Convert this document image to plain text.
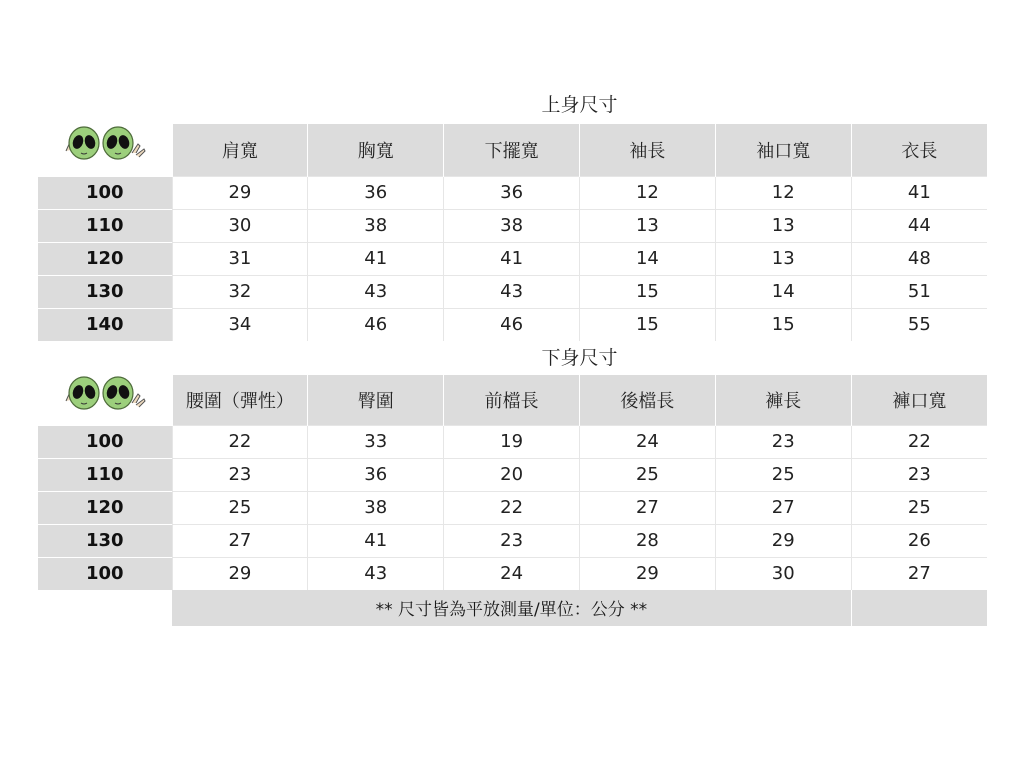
上身尺寸
	肩寬	胸寬	下擺寬	袖長	袖口寬	衣長
100	29	36	36	12	12	41
110	30	38	38	13	13	44
120	31	41	41	14	13	48
130	32	43	43	15	14	51
140	34	46	46	15	15	55
下身尺寸
	腰圍（彈性）	臀圍	前檔長	後檔長	褲長	褲口寬
100	22	33	19	24	23	22
110	23	36	20	25	25	23
120	25	38	22	27	27	25
130	27	41	23	28	29	26
100	29	43	24	29	30	27
	** 尺寸皆為平放測量/單位：公分 **					
